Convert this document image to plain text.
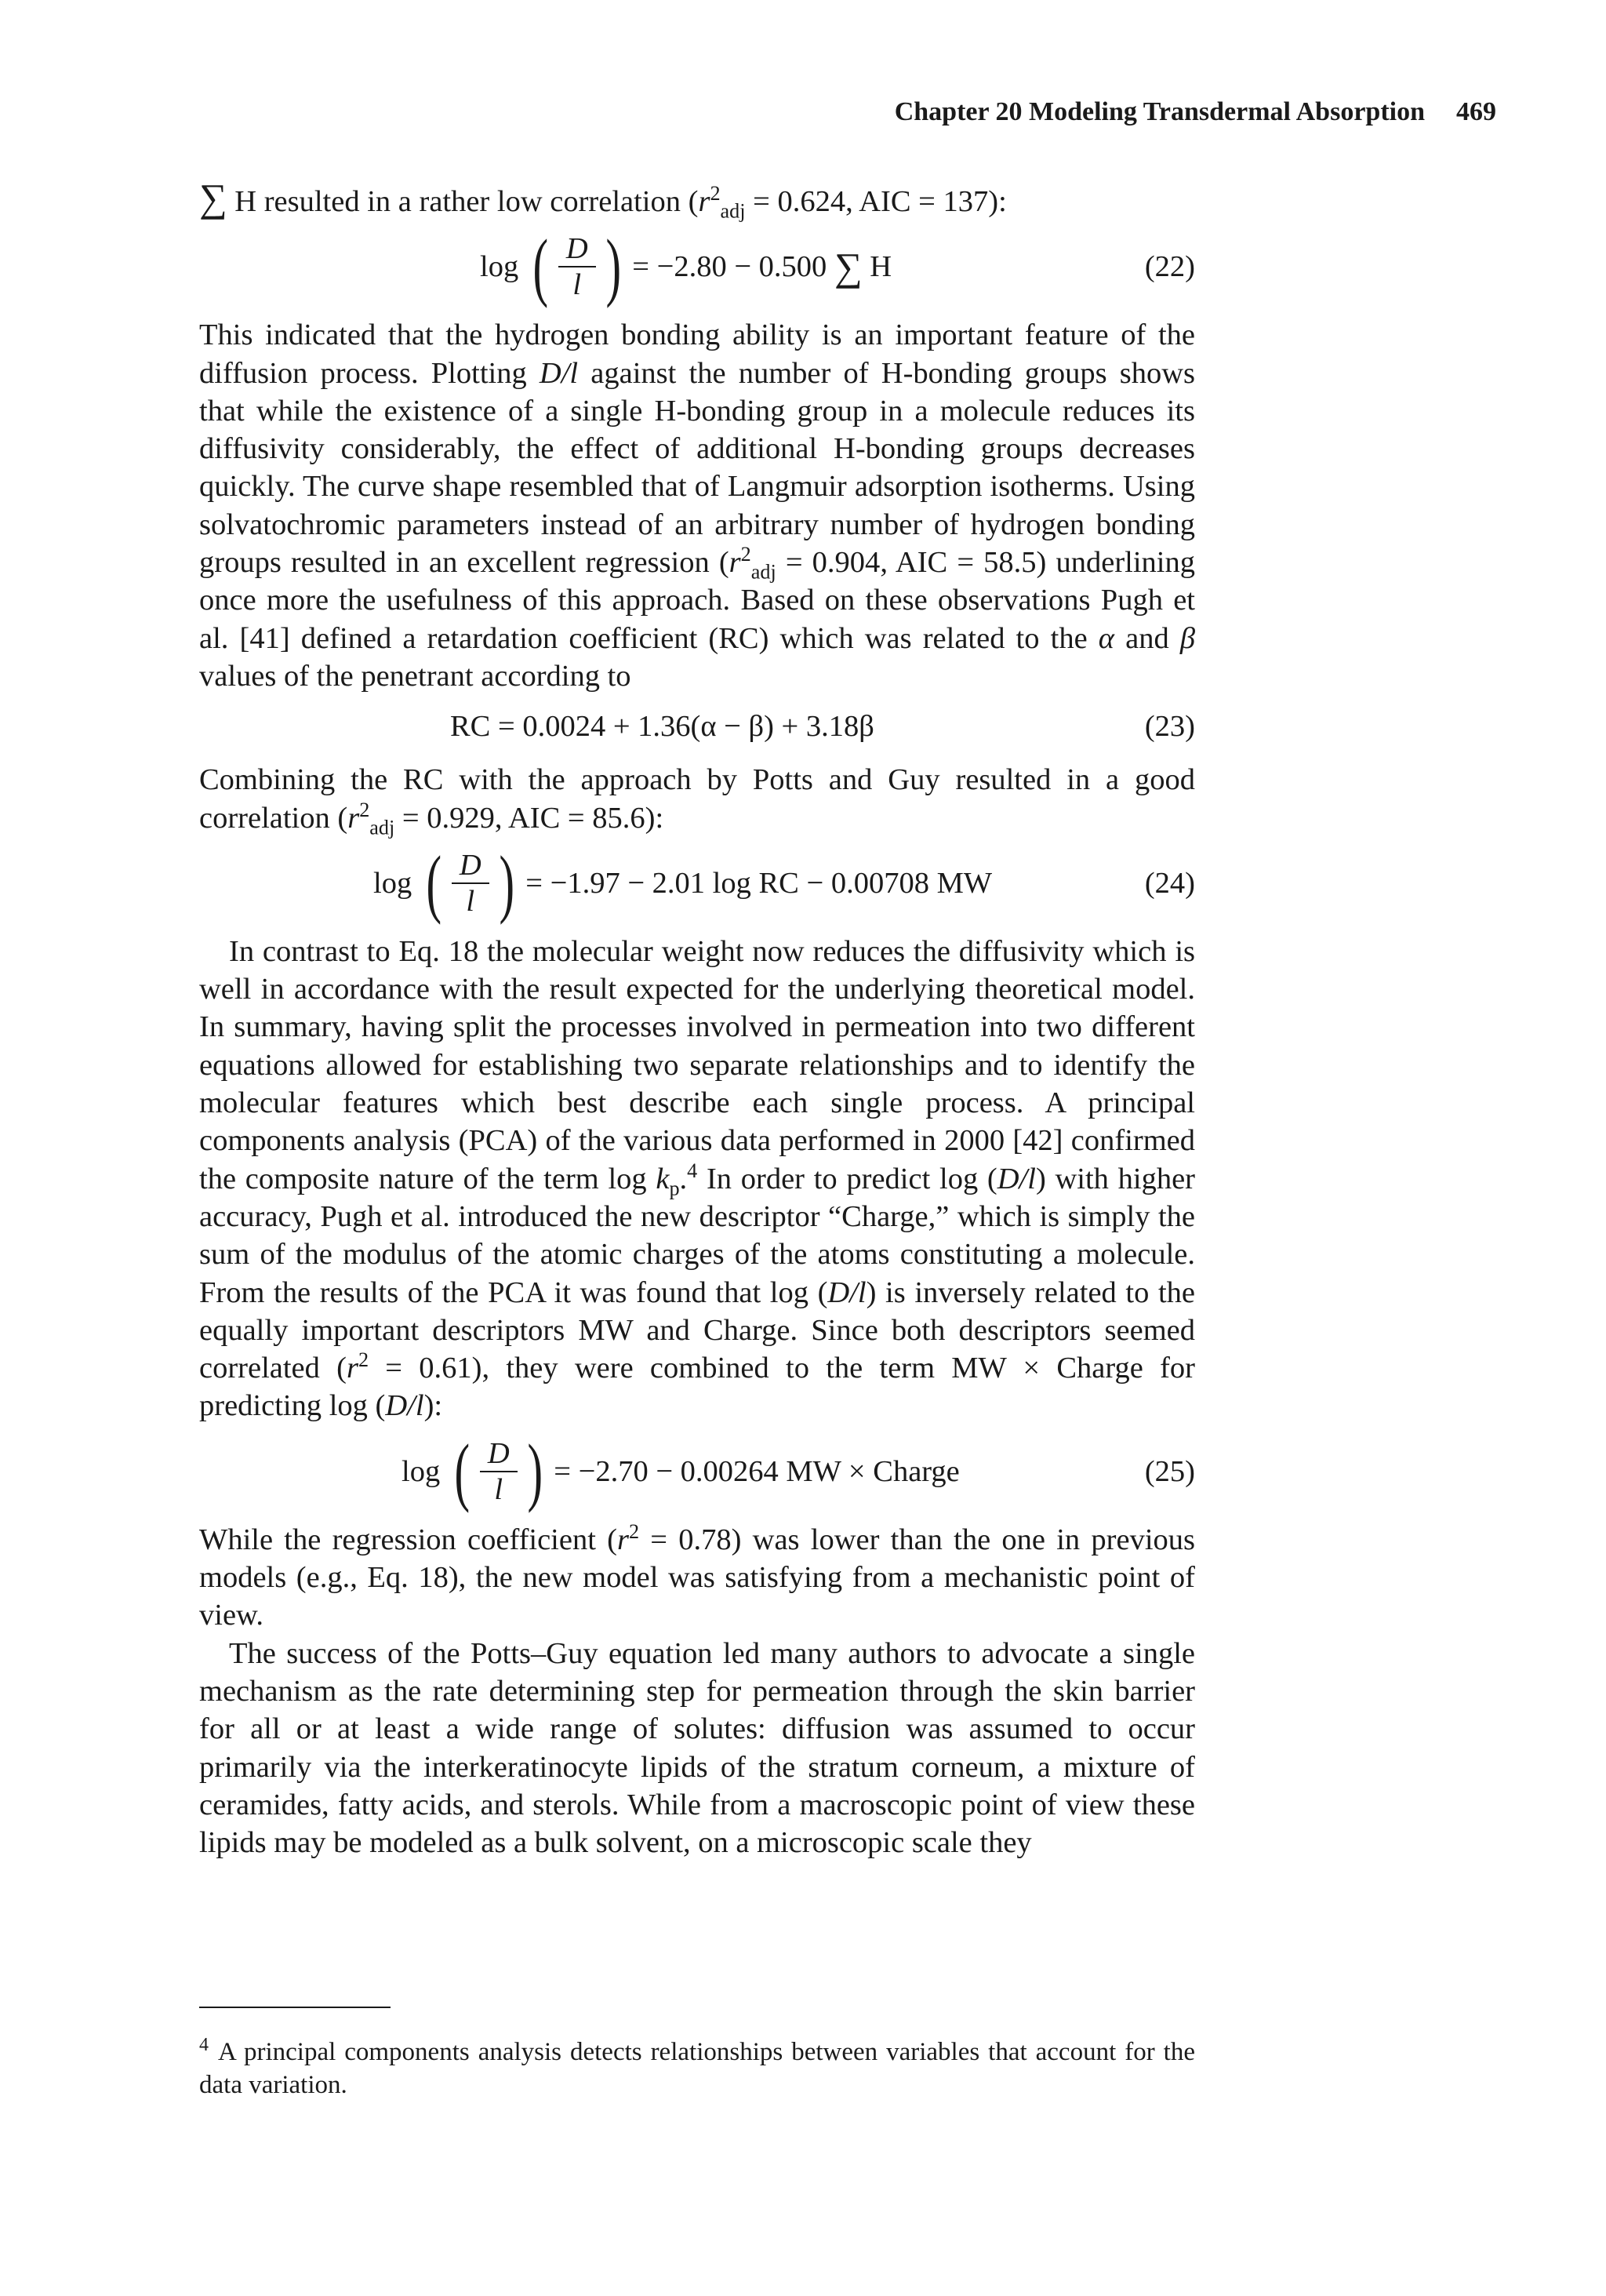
Chapter 20 Modeling Transdermal Absorption 469

∑ H resulted in a rather low correlation ($r^2_{adj} = 0.624$, AIC = 137):

log ( $\frac{D}{l}$ ) = −2.80 − 0.500
∑
H	(22)

This indicated that the hydrogen bonding ability is an important feature of the diffusion process. Plotting D/l against the number of H-bonding groups shows that while the existence of a single H-bonding group in a molecule reduces its diffusivity considerably, the effect of additional H-bonding groups decreases quickly. The curve shape resembled that of Langmuir adsorption isotherms. Using solvatochromic parameters instead of an arbitrary number of hydrogen bonding groups resulted in an excellent regression ($r^2_{adj} = 0.904$, AIC = 58.5) underlining once more the usefulness of this approach. Based on these observations Pugh et al. [41] defined a retardation coefficient (RC) which was related to the α and β values of the penetrant according to

RC = 0.0024 + 1.36(α − β) + 3.18β	(23)

Combining the RC with the approach by Potts and Guy resulted in a good correlation ($r^2_{adj} = 0.929$, AIC = 85.6):

log ( $\frac{D}{l}$ ) = −1.97 − 2.01 log RC − 0.00708 MW	(24)

In contrast to Eq. 18 the molecular weight now reduces the diffusivity which is well in accordance with the result expected for the underlying theoretical model. In summary, having split the processes involved in permeation into two different equations allowed for establishing two separate relationships and to identify the molecular features which best describe each single process. A principal components analysis (PCA) of the various data performed in 2000 [42] confirmed the composite nature of the term $\log k_p.^4$ In order to predict log (D/l) with higher accuracy, Pugh et al. introduced the new descriptor “Charge,” which is simply the sum of the modulus of the atomic charges of the atoms constituting a molecule. From the results of the PCA it was found that log (D/l) is inversely related to the equally important descriptors MW and Charge. Since both descriptors seemed correlated $(r^2 = 0.61)$, they were combined to the term MW × Charge for predicting log (D/l):

log ( $\frac{D}{l}$ ) = −2.70 − 0.00264 MW × Charge	(25)

While the regression coefficient $(r^2 = 0.78)$ was lower than the one in previous models (e.g., Eq. 18), the new model was satisfying from a mechanistic point of view.

The success of the Potts–Guy equation led many authors to advocate a single mechanism as the rate determining step for permeation through the skin barrier for all or at least a wide range of solutes: diffusion was assumed to occur primarily via the interkeratinocyte lipids of the stratum corneum, a mixture of ceramides, fatty acids, and sterols. While from a macroscopic point of view these lipids may be modeled as a bulk solvent, on a microscopic scale they

$^4$ A principal components analysis detects relationships between variables that account for the data variation.
